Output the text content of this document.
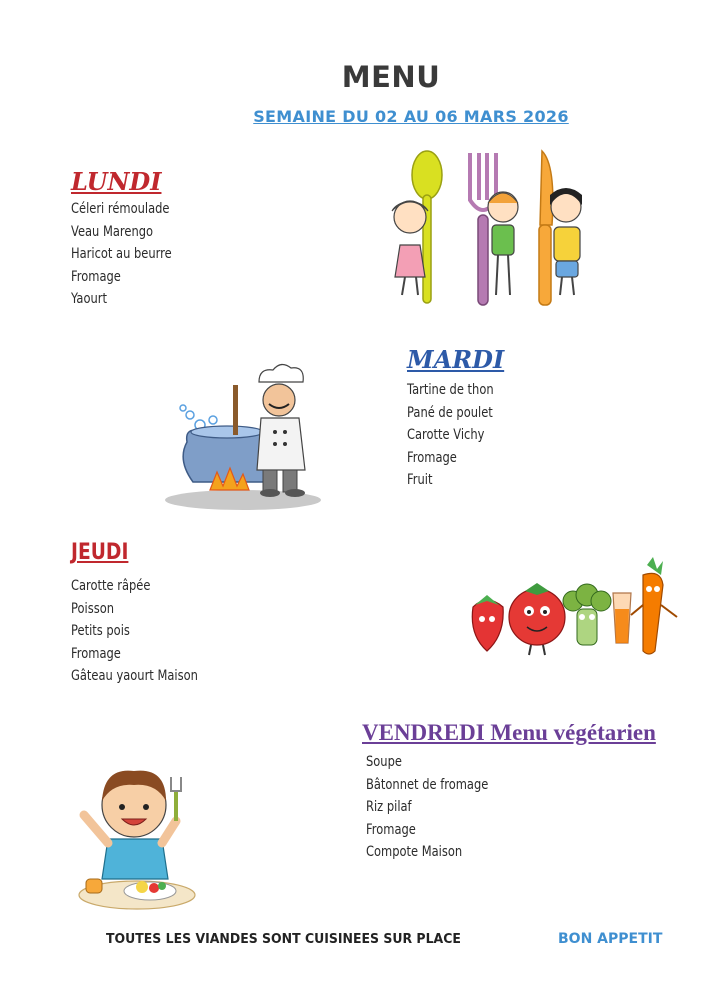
MENU
SEMAINE DU 02 AU 06 MARS 2026
LUNDI
Céleri rémoulade
Veau Marengo
Haricot au beurre
Fromage
Yaourt
MARDI
Tartine de thon
Pané de poulet
Carotte Vichy
Fromage
Fruit
JEUDI
Carotte râpée
Poisson
Petits pois
Fromage
Gâteau yaourt Maison
VENDREDI Menu végétarien
Soupe
Bâtonnet de fromage
Riz pilaf
Fromage
Compote Maison
TOUTES LES VIANDES SONT CUISINEES SUR PLACE	BON APPETIT
